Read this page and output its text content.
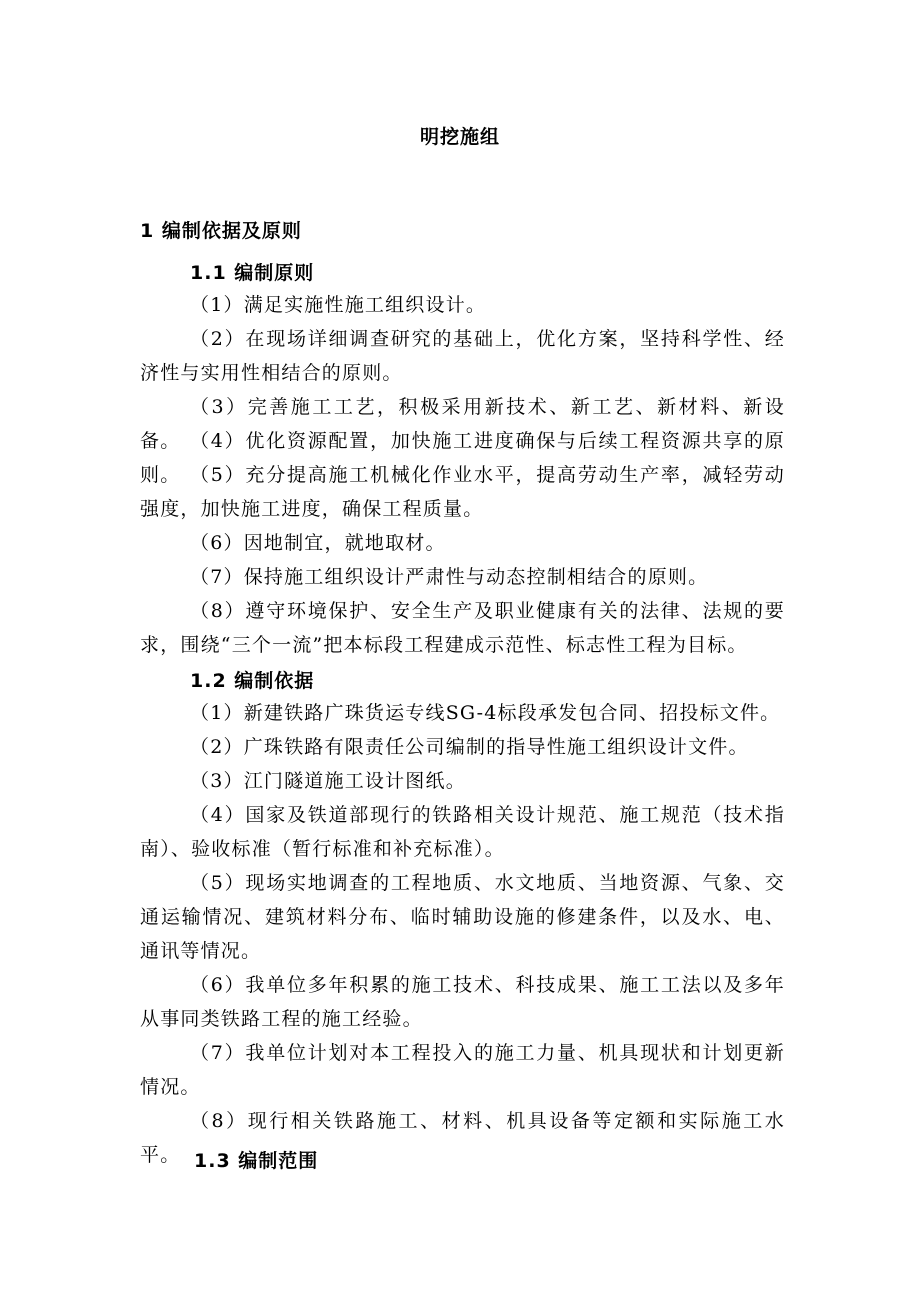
明挖施组
1 编制依据及原则
1.1 编制原则

（1）满足实施性施工组织设计。

（2）在现场详细调查研究的基础上，优化方案，坚持科学性、经济性与实用性相结合的原则。

（3）完善施工工艺，积极采用新技术、新工艺、新材料、新设备。 （4）优化资源配置，加快施工进度确保与后续工程资源共享的原则。 （5）充分提高施工机械化作业水平，提高劳动生产率，减轻劳动强度，加快施工进度，确保工程质量。

（6）因地制宜，就地取材。

（7）保持施工组织设计严肃性与动态控制相结合的原则。

（8）遵守环境保护、安全生产及职业健康有关的法律、法规的要求，围绕“三个一流”把本标段工程建成示范性、标志性工程为目标。

1.2 编制依据

（1）新建铁路广珠货运专线SG-4标段承发包合同、招投标文件。

（2）广珠铁路有限责任公司编制的指导性施工组织设计文件。

（3）江门隧道施工设计图纸。

（4）国家及铁道部现行的铁路相关设计规范、施工规范（技术指南）、验收标准（暂行标准和补充标准）。

（5）现场实地调查的工程地质、水文地质、当地资源、气象、交通运输情况、建筑材料分布、临时辅助设施的修建条件，以及水、电、通讯等情况。

（6）我单位多年积累的施工技术、科技成果、施工工法以及多年从事同类铁路工程的施工经验。

（7）我单位计划对本工程投入的施工力量、机具现状和计划更新情况。

（8）现行相关铁路施工、材料、机具设备等定额和实际施工水平。 1.3 编制范围
